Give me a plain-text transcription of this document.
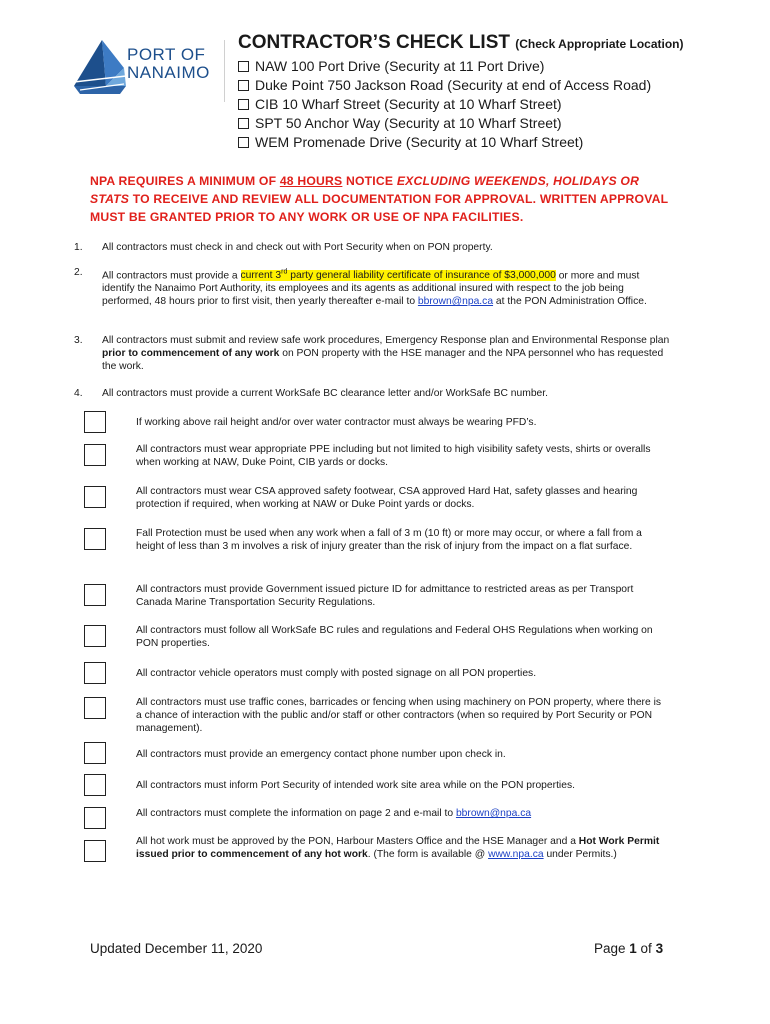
PORT OF
NANAIMO
CONTRACTOR’S CHECK LIST (Check Appropriate Location)
NAW 100 Port Drive (Security at 11 Port Drive)
Duke Point 750 Jackson Road (Security at end of Access Road)
CIB 10 Wharf Street (Security at 10 Wharf Street)
SPT 50 Anchor Way (Security at 10 Wharf Street)
WEM Promenade Drive (Security at 10 Wharf Street)
NPA REQUIRES A MINIMUM OF 48 HOURS NOTICE EXCLUDING WEEKENDS, HOLIDAYS OR STATS TO RECEIVE AND REVIEW ALL DOCUMENTATION FOR APPROVAL. WRITTEN APPROVAL MUST BE GRANTED PRIOR TO ANY WORK OR USE OF NPA FACILITIES.
1. All contractors must check in and check out with Port Security when on PON property.
2. All contractors must provide a current 3rd party general liability certificate of insurance of $3,000,000 or more and must identify the Nanaimo Port Authority, its employees and its agents as additional insured with respect to the job being performed, 48 hours prior to first visit, then yearly thereafter e-mail to bbrown@npa.ca at the PON Administration Office.
3. All contractors must submit and review safe work procedures, Emergency Response plan and Environmental Response plan prior to commencement of any work on PON property with the HSE manager and the NPA personnel who has requested the work.
4. All contractors must provide a current WorkSafe BC clearance letter and/or WorkSafe BC number.
If working above rail height and/or over water contractor must always be wearing PFD’s.
All contractors must wear appropriate PPE including but not limited to high visibility safety vests, shirts or overalls when working at NAW, Duke Point, CIB yards or docks.
All contractors must wear CSA approved safety footwear, CSA approved Hard Hat, safety glasses and hearing protection if required, when working at NAW or Duke Point yards or docks.
Fall Protection must be used when any work when a fall of 3 m (10 ft) or more may occur, or where a fall from a height of less than 3 m involves a risk of injury greater than the risk of injury from the impact on a flat surface.
All contractors must provide Government issued picture ID for admittance to restricted areas as per Transport Canada Marine Transportation Security Regulations.
All contractors must follow all WorkSafe BC rules and regulations and Federal OHS Regulations when working on PON properties.
All contractor vehicle operators must comply with posted signage on all PON properties.
All contractors must use traffic cones, barricades or fencing when using machinery on PON property, where there is a chance of interaction with the public and/or staff or other contractors (when so required by Port Security or PON management).
All contractors must provide an emergency contact phone number upon check in.
All contractors must inform Port Security of intended work site area while on the PON properties.
All contractors must complete the information on page 2 and e-mail to bbrown@npa.ca
All hot work must be approved by the PON, Harbour Masters Office and the HSE Manager and a Hot Work Permit issued prior to commencement of any hot work. (The form is available @ www.npa.ca under Permits.)
Updated December 11, 2020	Page 1 of 3
